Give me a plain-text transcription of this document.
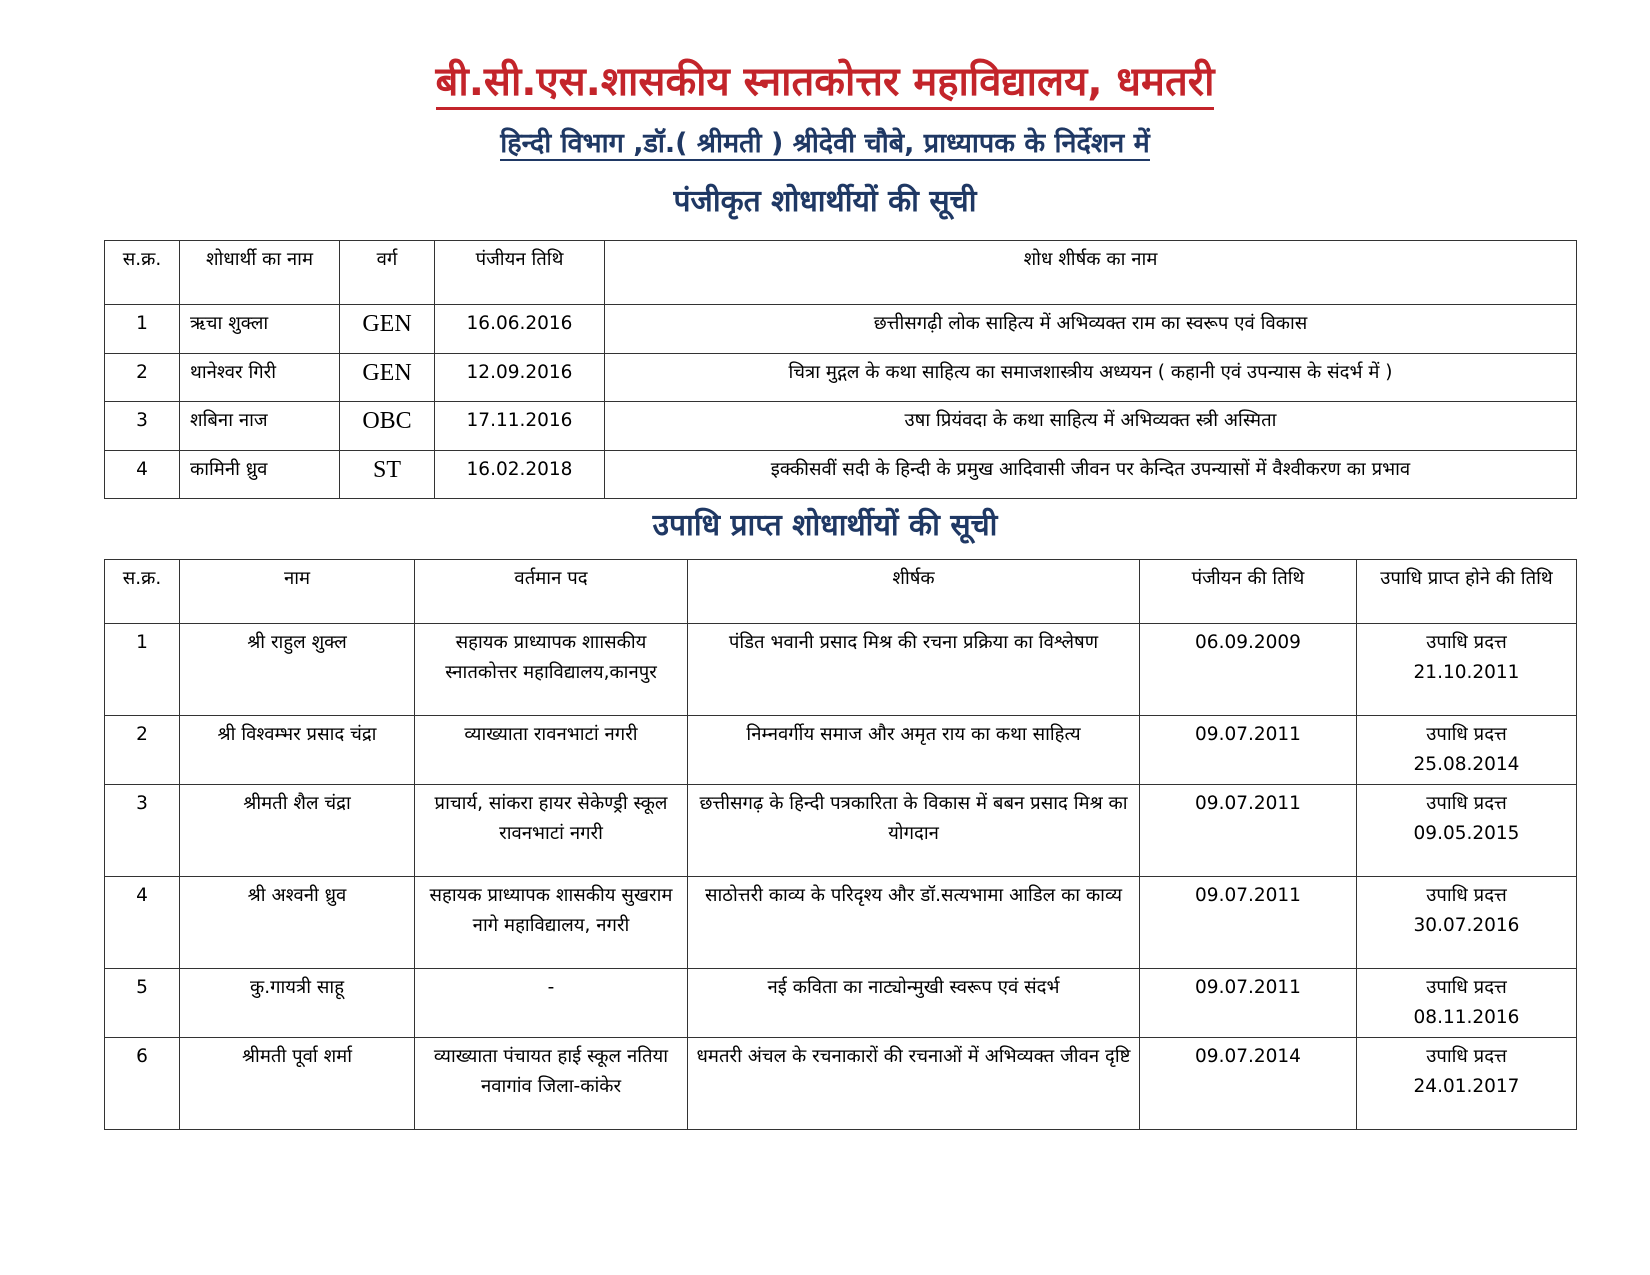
बी.सी.एस.शासकीय स्नातकोत्तर महाविद्यालय, धमतरी
हिन्दी विभाग ,डॉ.( श्रीमती ) श्रीदेवी चौबे, प्राध्यापक के निर्देशन में
पंजीकृत शोधार्थीयों की सूची
स.क्र.	शोधार्थी का नाम	वर्ग	पंजीयन तिथि	शोध शीर्षक का नाम
1	ऋचा शुक्ला	GEN	16.06.2016	छत्तीसगढ़ी लोक साहित्य में अभिव्यक्त राम का स्वरूप एवं विकास
2	थानेश्वर गिरी	GEN	12.09.2016	चित्रा मुद्गल के कथा साहित्य का समाजशास्त्रीय अध्ययन ( कहानी एवं उपन्यास के संदर्भ में )
3	शबिना नाज	OBC	17.11.2016	उषा प्रियंवदा के कथा साहित्य में अभिव्यक्त स्त्री अस्मिता
4	कामिनी ध्रुव	ST	16.02.2018	इक्कीसवीं सदी के हिन्दी के प्रमुख आदिवासी जीवन पर केन्दित उपन्यासों में वैश्वीकरण का प्रभाव
उपाधि प्राप्त शोधार्थीयों की सूची
स.क्र.	नाम	वर्तमान पद	शीर्षक	पंजीयन की तिथि	उपाधि प्राप्त होने की तिथि
1	श्री राहुल शुक्ल	सहायक प्राध्यापक शाासकीय स्नातकोत्तर महाविद्यालय,कानपुर	पंडित भवानी प्रसाद मिश्र की रचना प्रक्रिया का विश्लेषण	06.09.2009	उपाधि प्रदत्त
21.10.2011

2	श्री विश्वम्भर प्रसाद चंद्रा	व्याख्याता रावनभाटां नगरी	निम्नवर्गीय समाज और अमृत राय का कथा साहित्य	09.07.2011	उपाधि प्रदत्त
25.08.2014

3	श्रीमती शैल चंद्रा	प्राचार्य, सांकरा हायर सेकेण्ड्री स्कूल रावनभाटां नगरी	छत्तीसगढ़ के हिन्दी पत्रकारिता के विकास में बबन प्रसाद मिश्र का योगदान	09.07.2011	उपाधि प्रदत्त
09.05.2015

4	श्री अश्वनी ध्रुव	सहायक प्राध्यापक शासकीय सुखराम नागे महाविद्यालय, नगरी	साठोत्तरी काव्य के परिदृश्य और डॉ.सत्यभामा आडिल का काव्य	09.07.2011	उपाधि प्रदत्त
30.07.2016

5	कु.गायत्री साहू	-	नई कविता का नाट्योन्मुखी स्वरूप एवं संदर्भ	09.07.2011	उपाधि प्रदत्त
08.11.2016

6	श्रीमती पूर्वा शर्मा	व्याख्याता पंचायत हाई स्कूल नतिया नवागांव जिला-कांकेर	धमतरी अंचल के रचनाकारों की रचनाओं में अभिव्यक्त जीवन दृष्टि	09.07.2014	उपाधि प्रदत्त
24.01.2017
